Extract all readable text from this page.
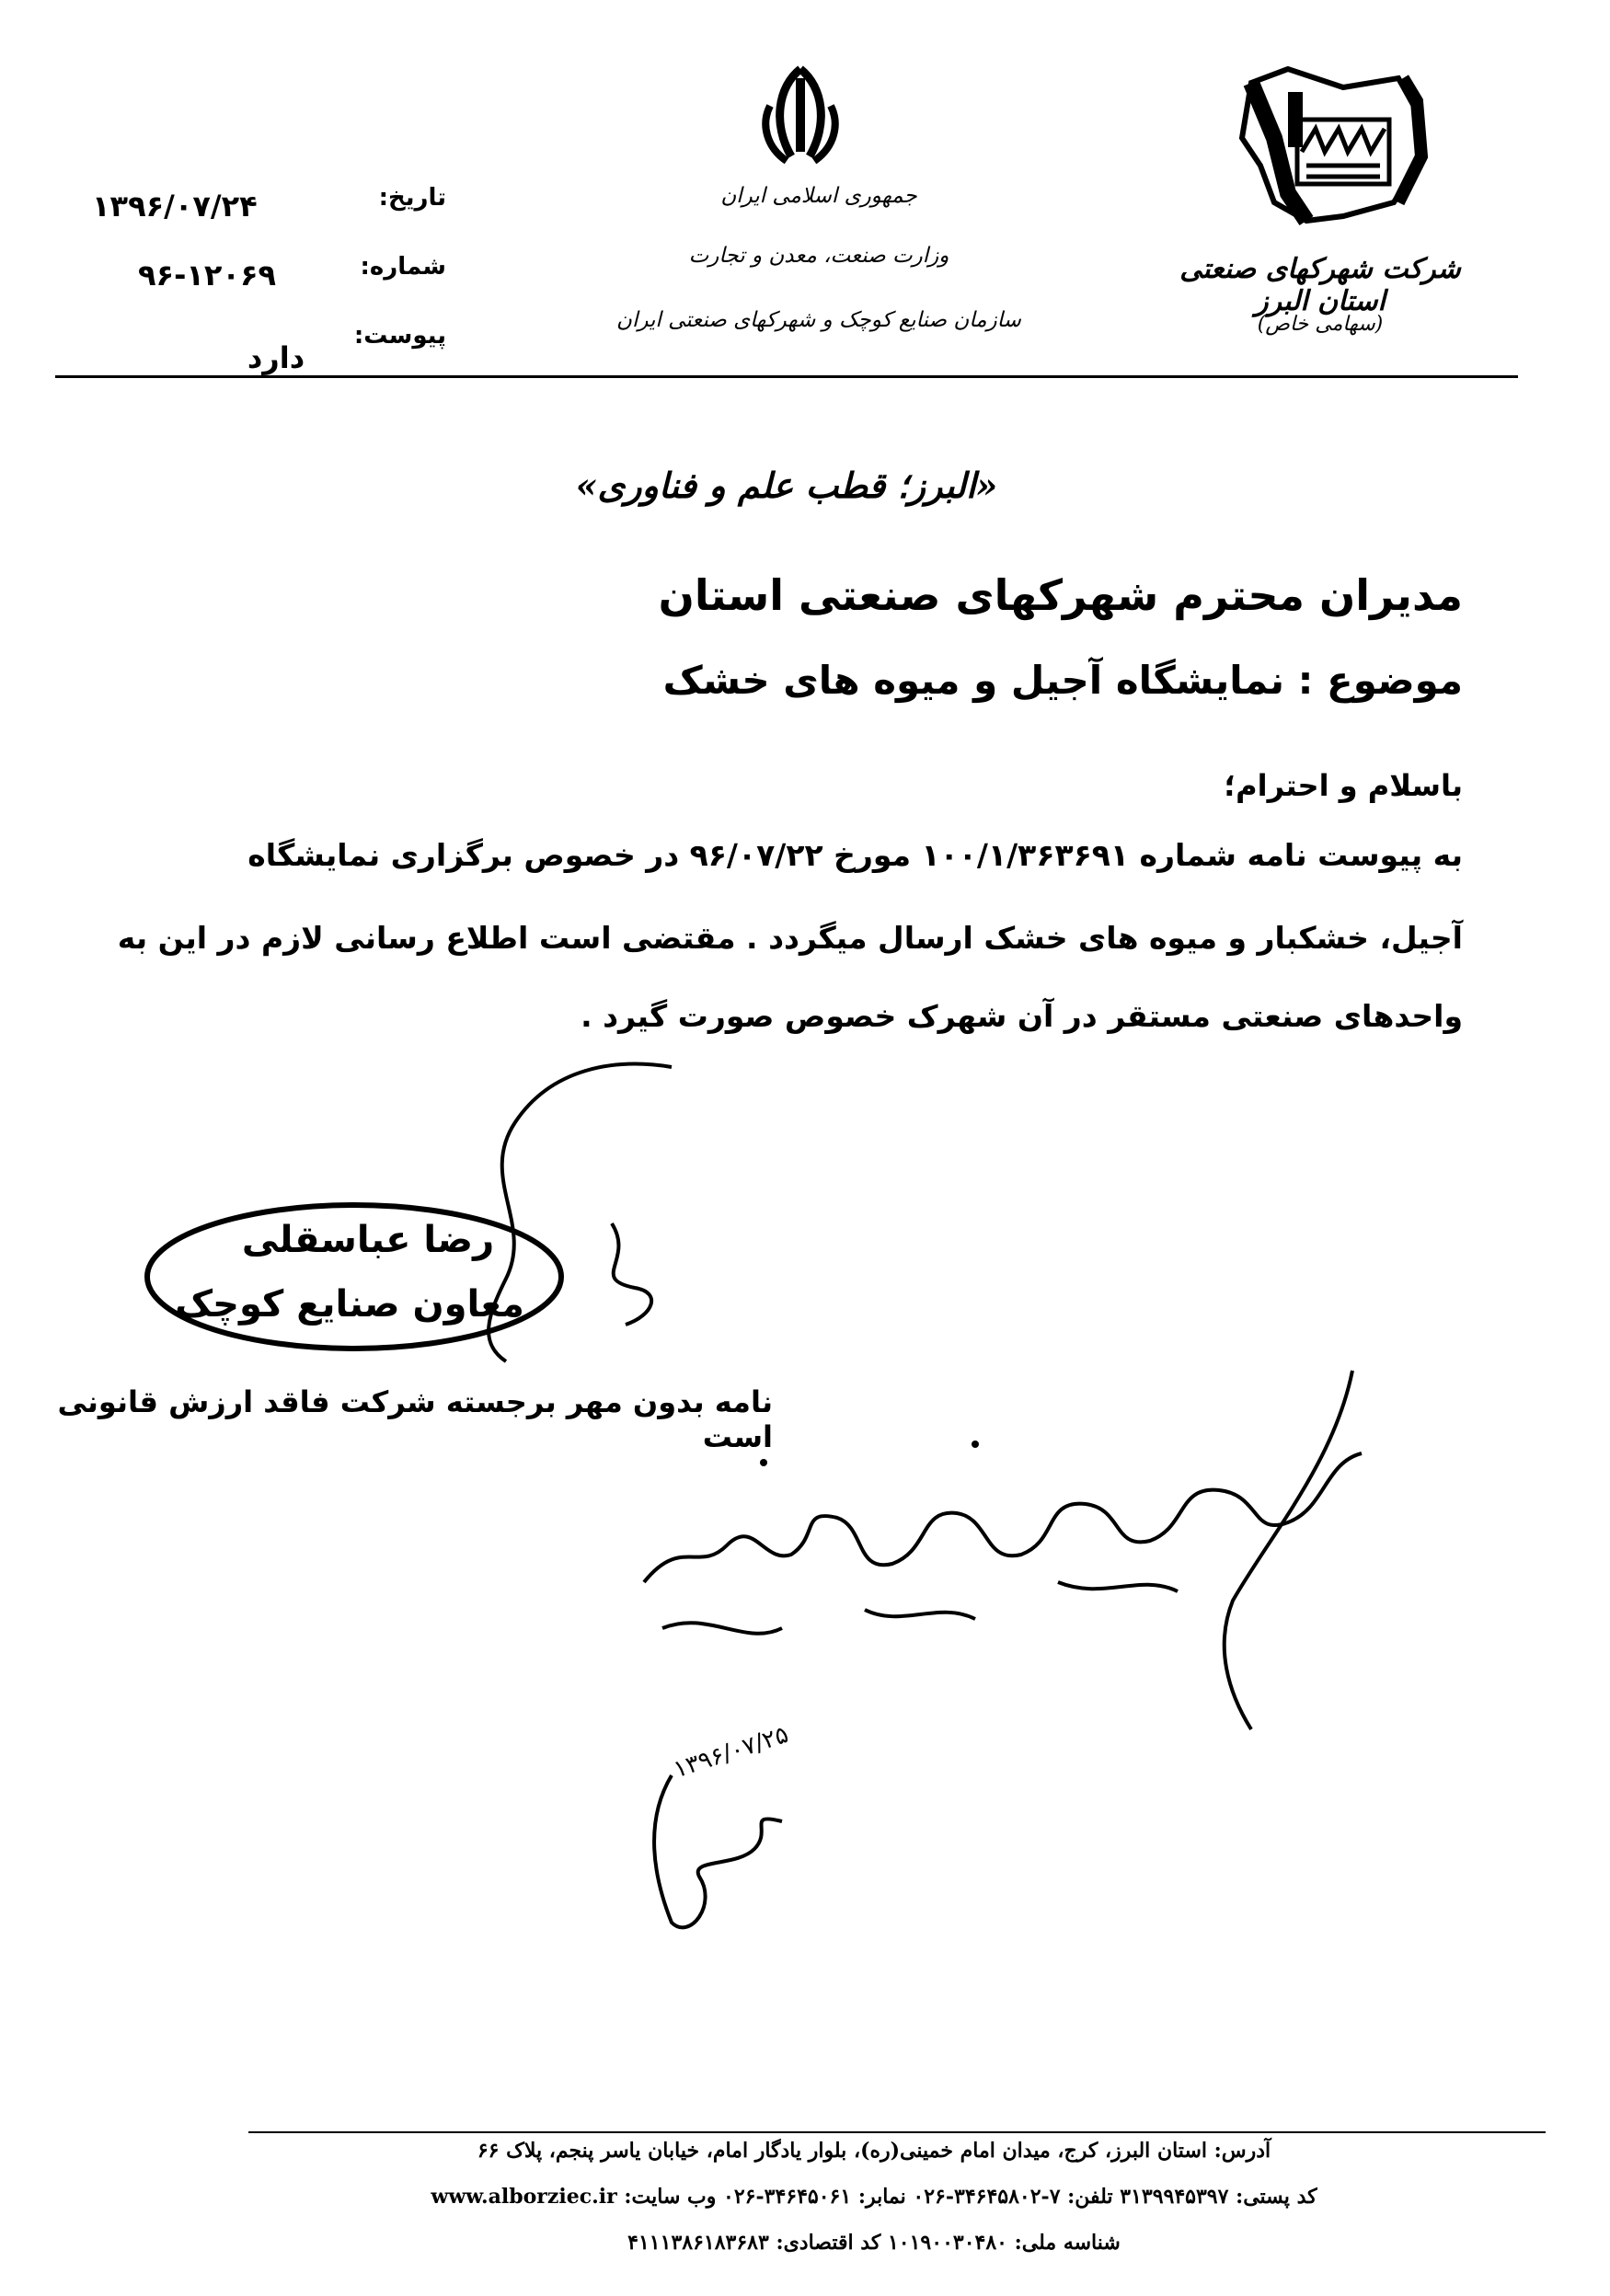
شرکت شهرکهای صنعتی استان البرز
(سهامی خاص)
جمهوری اسلامی ایران
وزارت صنعت، معدن و تجارت
سازمان صنایع کوچک و شهرکهای صنعتی ایران
تاریخ:
۱۳۹۶/۰۷/۲۴
شماره:
۹۶-۱۲۰۶۹
پیوست:
دارد
«البرز؛ قطب علم و فناوری»
مدیران محترم شهرکهای صنعتی استان
موضوع : نمایشگاه آجیل و میوه های خشک
باسلام و احترام؛
به پیوست نامه شماره ۱۰۰/۱/۳۶۳۶۹۱ مورخ ۹۶/۰۷/۲۲ در خصوص برگزاری نمایشگاه
آجیل، خشکبار و میوه های خشک ارسال میگردد . مقتضی است اطلاع رسانی لازم در این به
واحدهای صنعتی مستقر در آن شهرک خصوص صورت گیرد .
رضا عباسقلی
معاون صنایع کوچک
نامه بدون مهر برجسته شرکت فاقد ارزش قانونی است
۱۳۹۶/۰۷/۲۵
آدرس: استان البرز، کرج، میدان امام خمینی(ره)، بلوار یادگار امام، خیابان یاسر پنجم، پلاک ۶۶
کد پستی: ۳۱۳۹۹۴۵۳۹۷ تلفن: ۷-۳۴۶۴۵۸۰۲-۰۲۶ نمابر: ۳۴۶۴۵۰۶۱-۰۲۶ وب سایت: www.alborziec.ir
شناسه ملی: ۱۰۱۹۰۰۳۰۴۸۰ کد اقتصادی: ۴۱۱۱۳۸۶۱۸۳۶۸۳
